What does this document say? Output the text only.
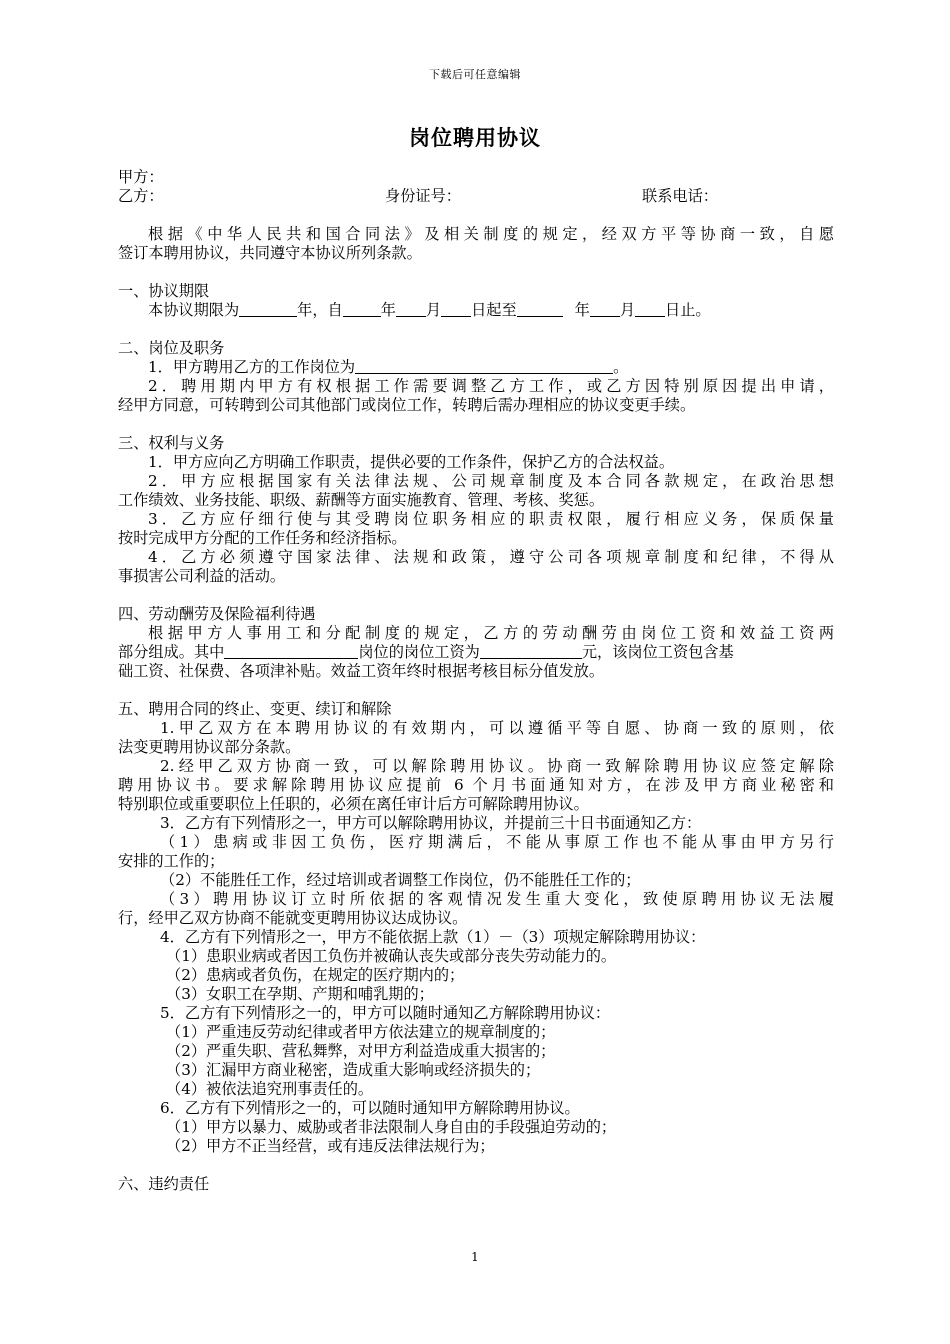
下载后可任意编辑
岗位聘用协议
甲方：
乙方：	身份证号：	联系电话：
根据《中华人民共和国合同法》及相关制度的规定，经双方平等协商一致，自愿
签订本聘用协议，共同遵守本协议所列条款。
一、协议期限
本协议期限为	年，自	年 月 日起至	年 月 日止。
二、岗位及职务
1．甲方聘用乙方的工作岗位为	。
2．聘用期内甲方有权根据工作需要调整乙方工作，或乙方因特别原因提出申请，
经甲方同意，可转聘到公司其他部门或岗位工作，转聘后需办理相应的协议变更手续。
三、权利与义务
1．甲方应向乙方明确工作职责，提供必要的工作条件，保护乙方的合法权益。
2．甲方应根据国家有关法律法规、公司规章制度及本合同各款规定，在政治思想
工作绩效、业务技能、职级、薪酬等方面实施教育、管理、考核、奖惩。
3．乙方应仔细行使与其受聘岗位职务相应的职责权限，履行相应义务，保质保量
按时完成甲方分配的工作任务和经济指标。
4．乙方必须遵守国家法律、法规和政策，遵守公司各项规章制度和纪律，不得从
事损害公司利益的活动。
四、劳动酬劳及保险福利待遇
根据甲方人事用工和分配制度的规定，乙方的劳动酬劳由岗位工资和效益工资两
部分组成。其中	岗位的岗位工资为	元，该岗位工资包含基
础工资、社保费、各项津补贴。效益工资年终时根据考核目标分值发放。
五、聘用合同的终止、变更、续订和解除
1.甲乙双方在本聘用协议的有效期内，可以遵循平等自愿、协商一致的原则，依
法变更聘用协议部分条款。
2.经甲乙双方协商一致，可以解除聘用协议。协商一致解除聘用协议应签定解除
聘用协议书。要求解除聘用协议应提前 6 个月书面通知对方，在涉及甲方商业秘密和
特别职位或重要职位上任职的，必须在离任审计后方可解除聘用协议。
3．乙方有下列情形之一，甲方可以解除聘用协议，并提前三十日书面通知乙方：
（1）患病或非因工负伤，医疗期满后，不能从事原工作也不能从事由甲方另行
安排的工作的；
（2）不能胜任工作，经过培训或者调整工作岗位，仍不能胜任工作的；
（3）聘用协议订立时所依据的客观情况发生重大变化，致使原聘用协议无法履
行，经甲乙双方协商不能就变更聘用协议达成协议。
4．乙方有下列情形之一，甲方不能依据上款（1）－（3）项规定解除聘用协议：
（1）患职业病或者因工负伤并被确认丧失或部分丧失劳动能力的。
（2）患病或者负伤，在规定的医疗期内的；
（3）女职工在孕期、产期和哺乳期的；
5．乙方有下列情形之一的，甲方可以随时通知乙方解除聘用协议：
（1）严重违反劳动纪律或者甲方依法建立的规章制度的；
（2）严重失职、营私舞弊，对甲方利益造成重大损害的；
（3）汇漏甲方商业秘密，造成重大影响或经济损失的；
（4）被依法追究刑事责任的。
6．乙方有下列情形之一的，可以随时通知甲方解除聘用协议。
（1）甲方以暴力、威胁或者非法限制人身自由的手段强迫劳动的；
（2）甲方不正当经营，或有违反法律法规行为；
六、违约责任
1
